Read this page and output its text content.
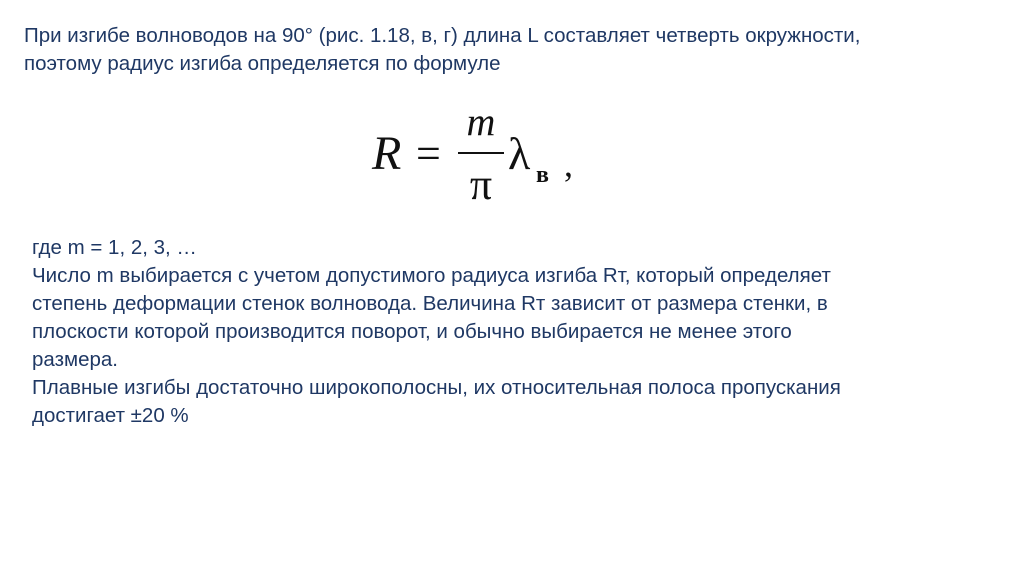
При изгибе волноводов на 90° (рис. 1.18, в, г) длина L составляет четверть окружности,
поэтому радиус изгиба определяется по формуле

R =
m
π
λ в ,

где m = 1, 2, 3, …
Число m выбирается с учетом допустимого радиуса изгиба Rт, который определяет
степень деформации стенок волновода. Величина Rт зависит от размера стенки, в
плоскости которой производится поворот, и обычно выбирается не менее этого
размера.
Плавные изгибы достаточно широкополосны, их относительная полоса пропускания
достигает ±20 %
